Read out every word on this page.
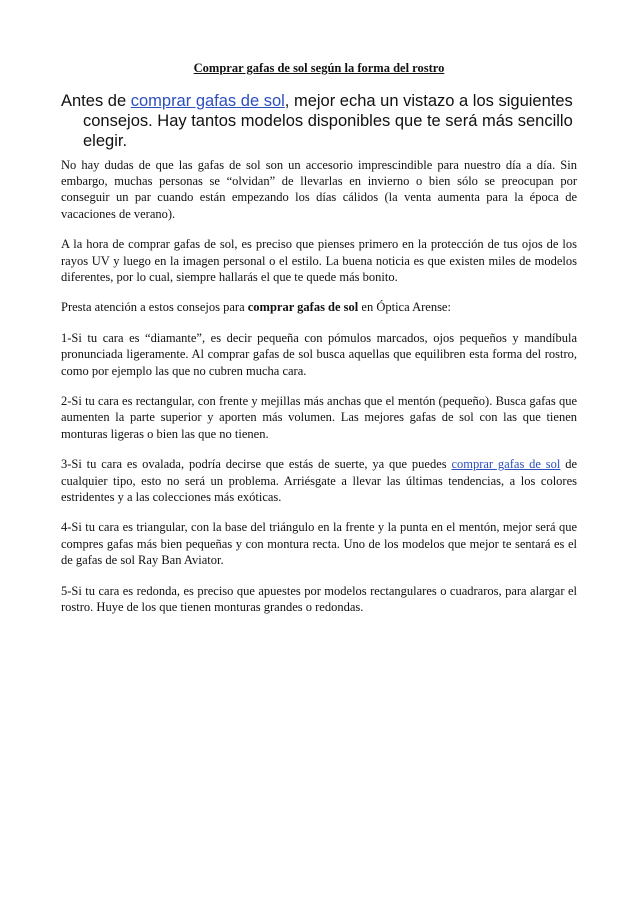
Comprar gafas de sol según la forma del rostro
Antes de comprar gafas de sol, mejor echa un vistazo a los siguientes consejos. Hay tantos modelos disponibles que te será más sencillo elegir.

No hay dudas de que las gafas de sol son un accesorio imprescindible para nuestro día a día. Sin embargo, muchas personas se “olvidan” de llevarlas en invierno o bien sólo se preocupan por conseguir un par cuando están empezando los días cálidos (la venta aumenta para la época de vacaciones de verano).

A la hora de comprar gafas de sol, es preciso que pienses primero en la protección de tus ojos de los rayos UV y luego en la imagen personal o el estilo. La buena noticia es que existen miles de modelos diferentes, por lo cual, siempre hallarás el que te quede más bonito.

Presta atención a estos consejos para comprar gafas de sol en Óptica Arense:

1-Si tu cara es “diamante”, es decir pequeña con pómulos marcados, ojos pequeños y mandíbula pronunciada ligeramente. Al comprar gafas de sol busca aquellas que equilibren esta forma del rostro, como por ejemplo las que no cubren mucha cara.

2-Si tu cara es rectangular, con frente y mejillas más anchas que el mentón (pequeño). Busca gafas que aumenten la parte superior y aporten más volumen. Las mejores gafas de sol con las que tienen monturas ligeras o bien las que no tienen.

3-Si tu cara es ovalada, podría decirse que estás de suerte, ya que puedes comprar gafas de sol de cualquier tipo, esto no será un problema. Arriésgate a llevar las últimas tendencias, a los colores estridentes y a las colecciones más exóticas.

4-Si tu cara es triangular, con la base del triángulo en la frente y la punta en el mentón, mejor será que compres gafas más bien pequeñas y con montura recta. Uno de los modelos que mejor te sentará es el de gafas de sol Ray Ban Aviator.

5-Si tu cara es redonda, es preciso que apuestes por modelos rectangulares o cuadraros, para alargar el rostro. Huye de los que tienen monturas grandes o redondas.
